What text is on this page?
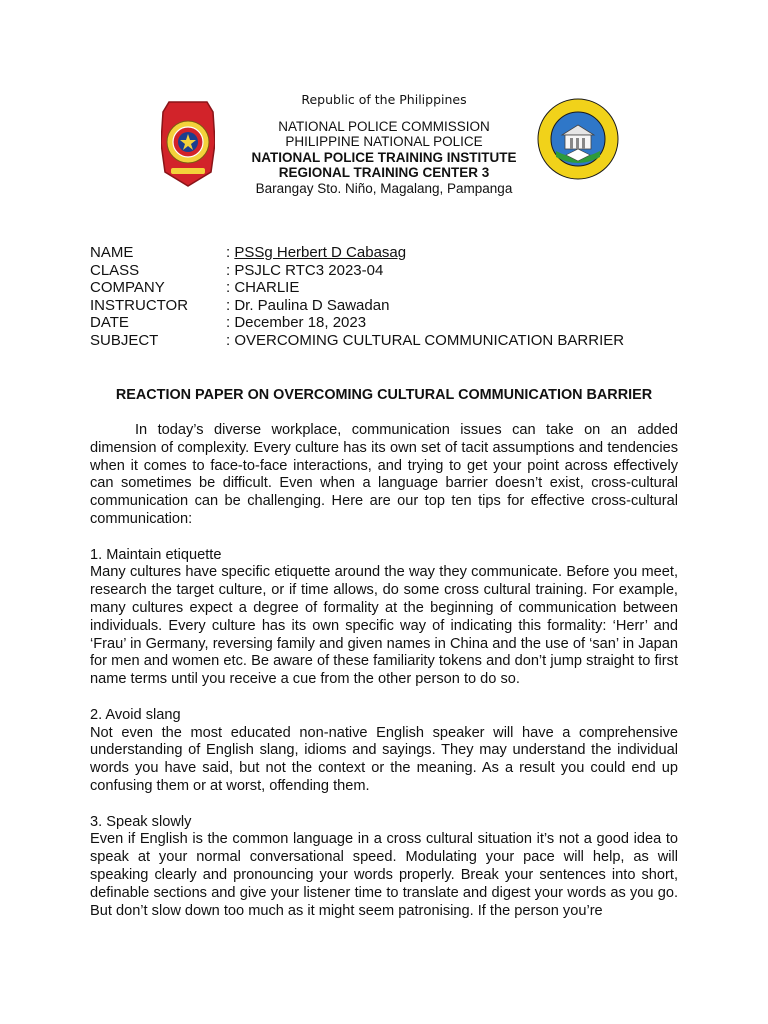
Republic of the Philippines
NATIONAL POLICE COMMISSION
PHILIPPINE NATIONAL POLICE
NATIONAL POLICE TRAINING INSTITUTE
REGIONAL TRAINING CENTER 3
Barangay Sto. Niño, Magalang, Pampanga
NAME	: PSSg Herbert D Cabasag
CLASS	: PSJLC RTC3 2023-04
COMPANY	: CHARLIE
INSTRUCTOR	: Dr. Paulina D Sawadan
DATE	: December 18, 2023
SUBJECT	: OVERCOMING CULTURAL COMMUNICATION BARRIER
REACTION PAPER ON OVERCOMING CULTURAL COMMUNICATION BARRIER

In today’s diverse workplace, communication issues can take on an added dimension of complexity. Every culture has its own set of tacit assumptions and tendencies when it comes to face-to-face interactions, and trying to get your point across effectively can sometimes be difficult. Even when a language barrier doesn’t exist, cross-cultural communication can be challenging. Here are our top ten tips for effective cross-cultural communication:

1. Maintain etiquette

Many cultures have specific etiquette around the way they communicate. Before you meet, research the target culture, or if time allows, do some cross cultural training. For example, many cultures expect a degree of formality at the beginning of communication between individuals. Every culture has its own specific way of indicating this formality: ‘Herr’ and ‘Frau’ in Germany, reversing family and given names in China and the use of ‘san’ in Japan for men and women etc. Be aware of these familiarity tokens and don’t jump straight to first name terms until you receive a cue from the other person to do so.

2. Avoid slang

Not even the most educated non-native English speaker will have a comprehensive understanding of English slang, idioms and sayings. They may understand the individual words you have said, but not the context or the meaning. As a result you could end up confusing them or at worst, offending them.

3. Speak slowly

Even if English is the common language in a cross cultural situation it’s not a good idea to speak at your normal conversational speed. Modulating your pace will help, as will speaking clearly and pronouncing your words properly. Break your sentences into short, definable sections and give your listener time to translate and digest your words as you go. But don’t slow down too much as it might seem patronising. If the person you’re
